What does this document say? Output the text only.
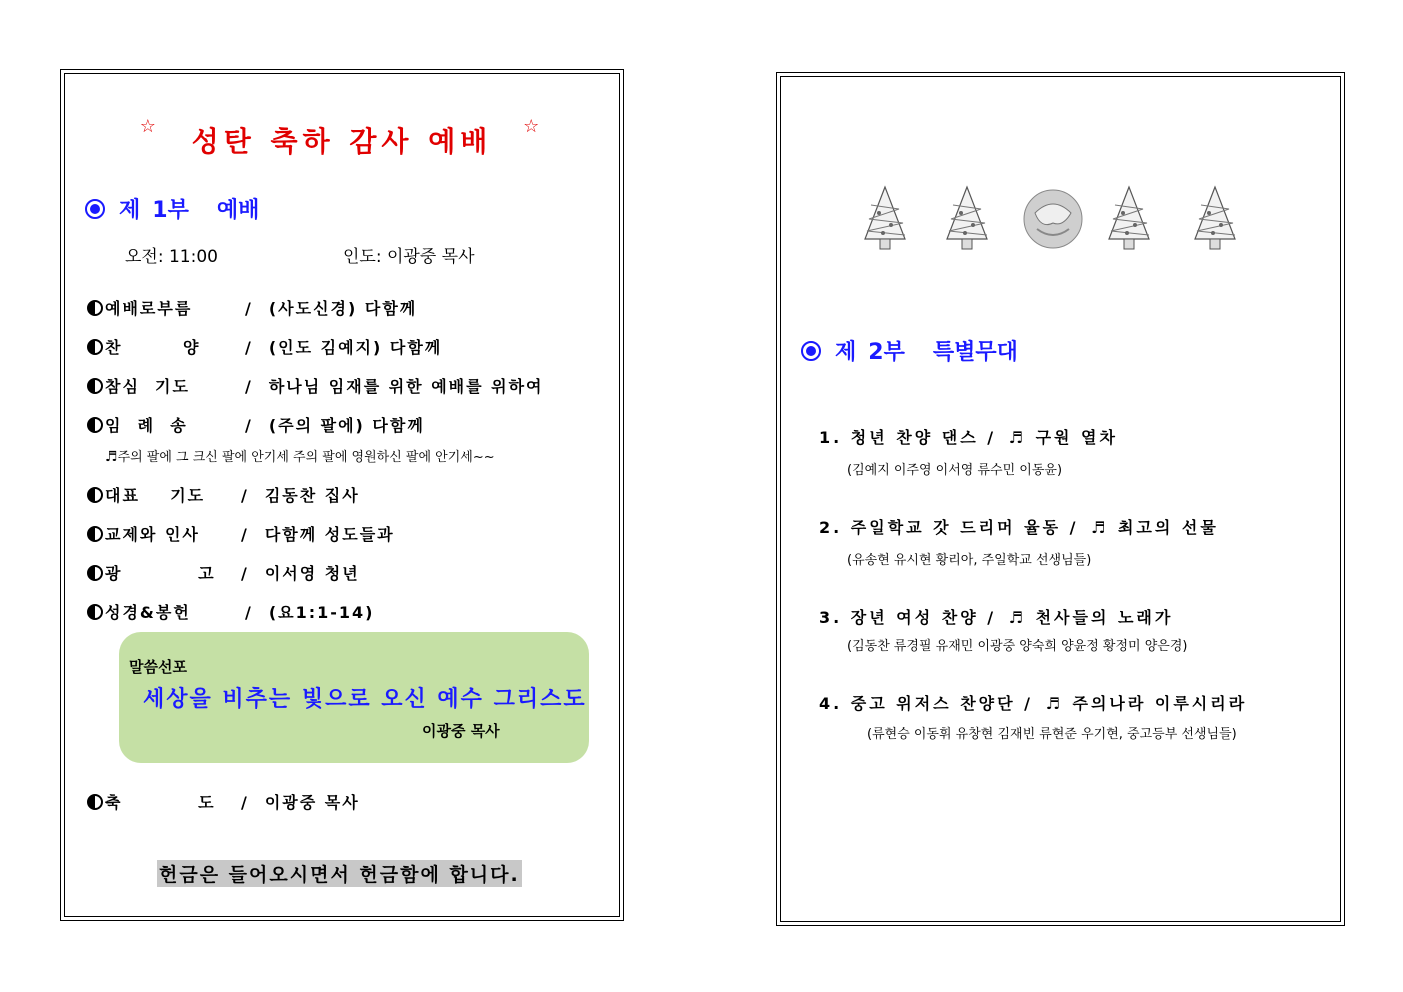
☆ 성탄 축하 감사 예배 ☆
제 1부 예배
오전: 11:00	인도: 이광중 목사
예배로부름	/ (사도신경) 다함께
찬        양	/ (인도 김예지) 다함께
참심  기도	/ 하나님 임재를 위한 예배를 위하여
임  례  송	/ (주의 팔에) 다함께
♬주의 팔에 그 크신 팔에 안기세 주의 팔에 영원하신 팔에 안기세~~
대표    기도 / 김동찬 집사
교제와 인사	/ 다함께 성도들과
광          고 / 이서영 청년
성경&봉헌	/ (요1:1-14)
말씀선포
세상을 비추는 빛으로 오신 예수 그리스도
이광중 목사
축          도 / 이광중 목사
헌금은 들어오시면서 헌금함에 합니다.
제 2부 특별무대
1. 청년 찬양 댄스 / ♬ 구원 열차
(김예지 이주영 이서영 류수민 이동윤)
2. 주일학교 갓 드리머 율동 / ♬ 최고의 선물
(유송현 유시현 황리아, 주일학교 선생님들)
3. 장년 여성 찬양 / ♬ 천사들의 노래가
(김동찬 류경필 유재민 이광중 양숙희 양윤정 황정미 양은경)
4. 중고 위저스 찬양단 / ♬ 주의나라 이루시리라
(류현승 이동휘 유창현 김재빈 류현준 우기현, 중고등부 선생님들)
